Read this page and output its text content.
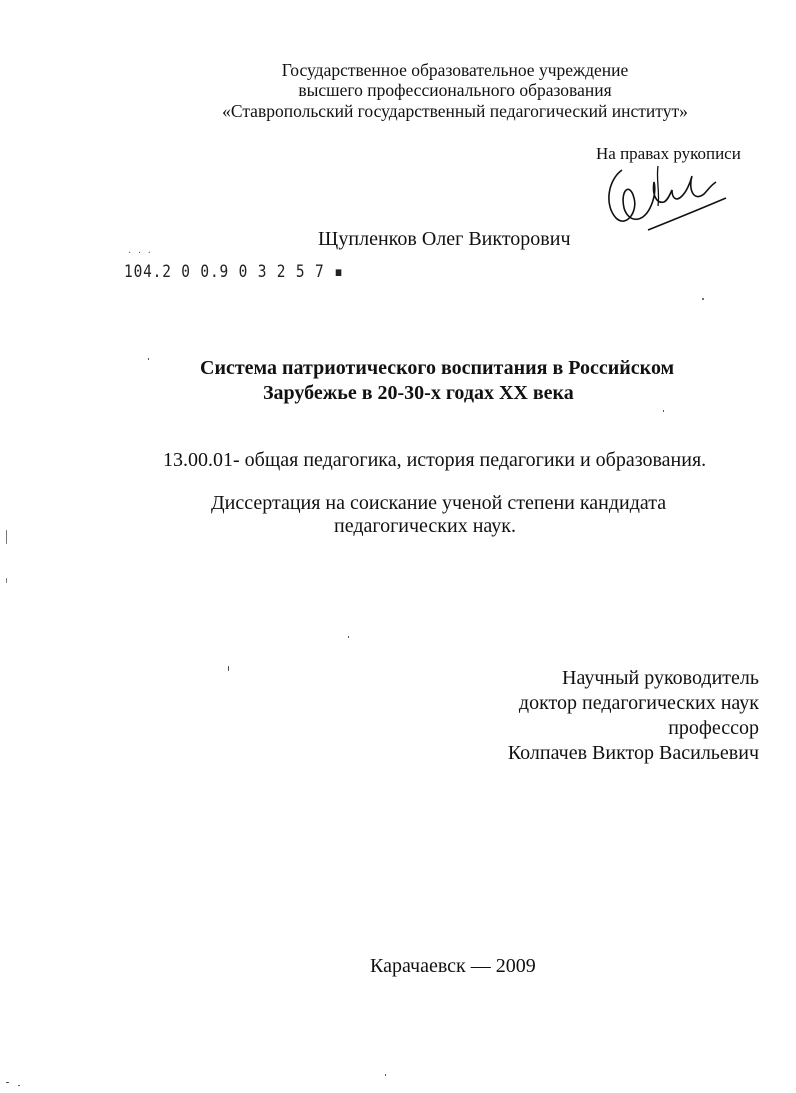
Государственное образовательное учреждение
высшего профессионального образования
«Ставропольский государственный педагогический институт»
На правах рукописи
Щупленков Олег Викторович
· · ·
104.2 0 0.9 0 3 2 5 7 ▪
Система патриотического воспитания в Российском
Зарубежье в 20-30-х годах XX века
13.00.01- общая педагогика, история педагогики и образования.
Диссертация на соискание ученой степени кандидата
педагогических наук.
Научный руководитель
доктор педагогических наук
профессор
Колпачев Виктор Васильевич
Карачаевск — 2009
